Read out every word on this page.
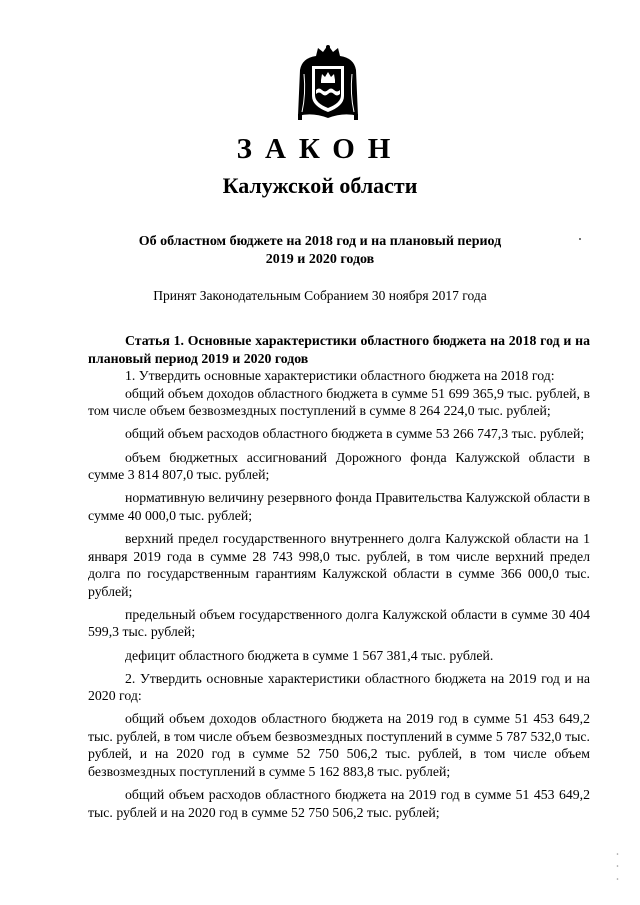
ЗАКОН
Калужской области
Об областном бюджете на 2018 год и на плановый период
2019 и 2020 годов
Принят Законодательным Собранием 30 ноября 2017 года

Статья 1. Основные характеристики областного бюджета на 2018 год и на плановый период 2019 и 2020 годов

1. Утвердить основные характеристики областного бюджета на 2018 год:

общий объем доходов областного бюджета в сумме 51 699 365,9 тыс. рублей, в том числе объем безвозмездных поступлений в сумме 8 264 224,0 тыс. рублей;

общий объем расходов областного бюджета в сумме 53 266 747,3 тыс. рублей;

объем бюджетных ассигнований Дорожного фонда Калужской области в сумме 3 814 807,0 тыс. рублей;

нормативную величину резервного фонда Правительства Калужской области в сумме 40 000,0 тыс. рублей;

верхний предел государственного внутреннего долга Калужской области на 1 января 2019 года в сумме 28 743 998,0 тыс. рублей, в том числе верхний предел долга по государственным гарантиям Калужской области в сумме 366 000,0 тыс. рублей;

предельный объем государственного долга Калужской области в сумме 30 404 599,3 тыс. рублей;

дефицит областного бюджета в сумме 1 567 381,4 тыс. рублей.

2. Утвердить основные характеристики областного бюджета на 2019 год и на 2020 год:

общий объем доходов областного бюджета на 2019 год в сумме 51 453 649,2 тыс. рублей, в том числе объем безвозмездных поступлений в сумме 5 787 532,0 тыс. рублей, и на 2020 год в сумме 52 750 506,2 тыс. рублей, в том числе объем безвозмездных поступлений в сумме 5 162 883,8 тыс. рублей;

общий объем расходов областного бюджета на 2019 год в сумме 51 453 649,2 тыс. рублей и на 2020 год в сумме 52 750 506,2 тыс. рублей;
